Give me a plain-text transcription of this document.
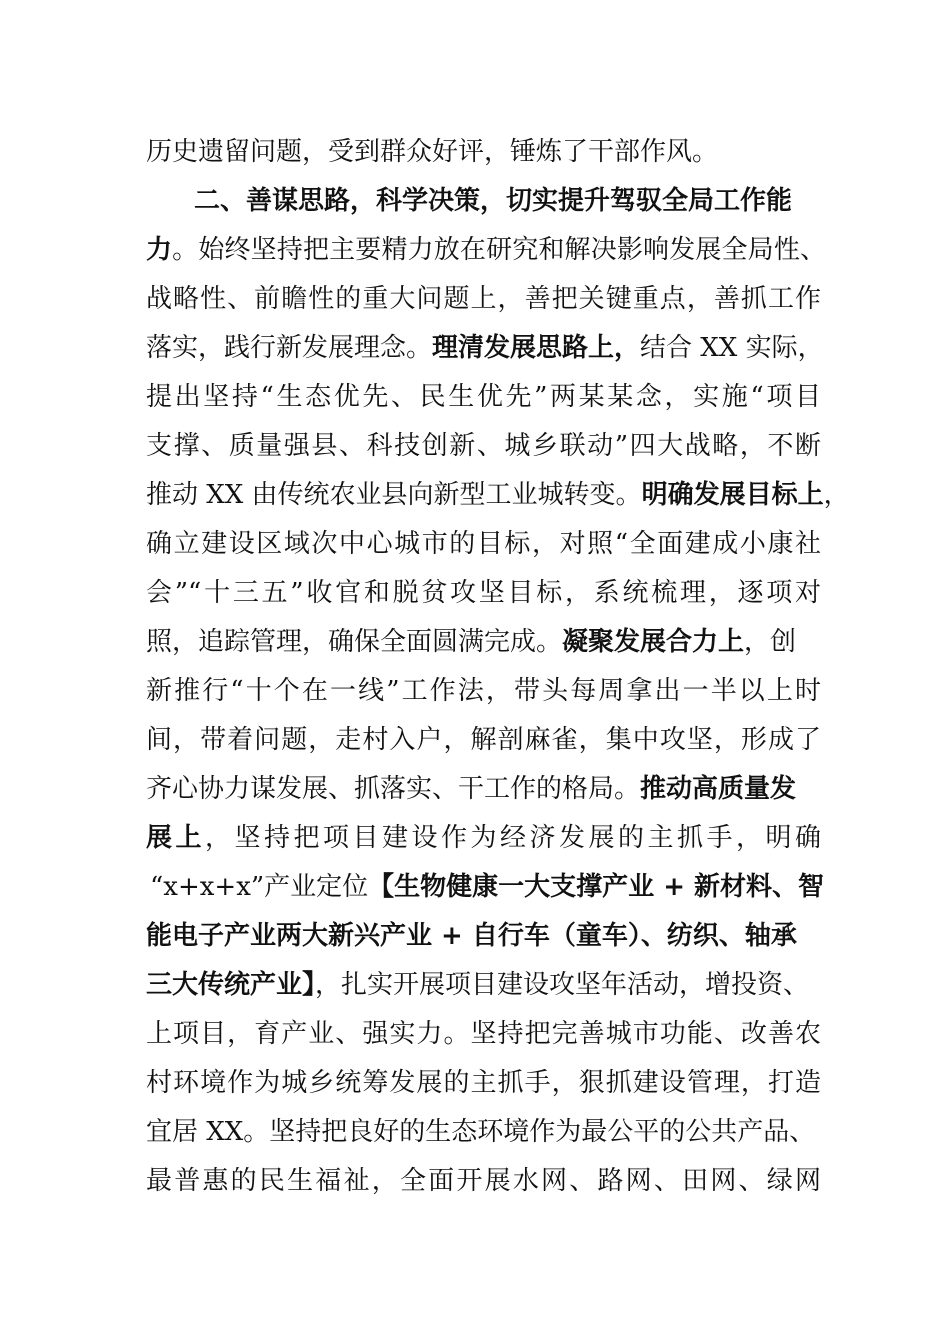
历史遗留问题，受到群众好评，锤炼了干部作风。
二、善谋思路，科学决策，切实提升驾驭全局工作能
力。始终坚持把主要精力放在研究和解决影响发展全局性、
战略性、前瞻性的重大问题上，善把关键重点，善抓工作
落实，践行新发展理念。理清发展思路上，结合 XX 实际，
提出坚持“生态优先、民生优先”两某某念，实施“项目
支撑、质量强县、科技创新、城乡联动”四大战略，不断
推动 XX 由传统农业县向新型工业城转变。明确发展目标上，
确立建设区域次中心城市的目标，对照“全面建成小康社
会”“十三五”收官和脱贫攻坚目标，系统梳理，逐项对
照，追踪管理，确保全面圆满完成。凝聚发展合力上，创
新推行“十个在一线”工作法，带头每周拿出一半以上时
间，带着问题，走村入户，解剖麻雀，集中攻坚，形成了
齐心协力谋发展、抓落实、干工作的格局。推动高质量发
展上，坚持把项目建设作为经济发展的主抓手，明确
“x+x+x”产业定位【生物健康一大支撑产业 + 新材料、智
能电子产业两大新兴产业 + 自行车（童车）、纺织、轴承
三大传统产业】，扎实开展项目建设攻坚年活动，增投资、
上项目，育产业、强实力。坚持把完善城市功能、改善农
村环境作为城乡统筹发展的主抓手，狠抓建设管理，打造
宜居 XX。坚持把良好的生态环境作为最公平的公共产品、
最普惠的民生福祉，全面开展水网、路网、田网、绿网
